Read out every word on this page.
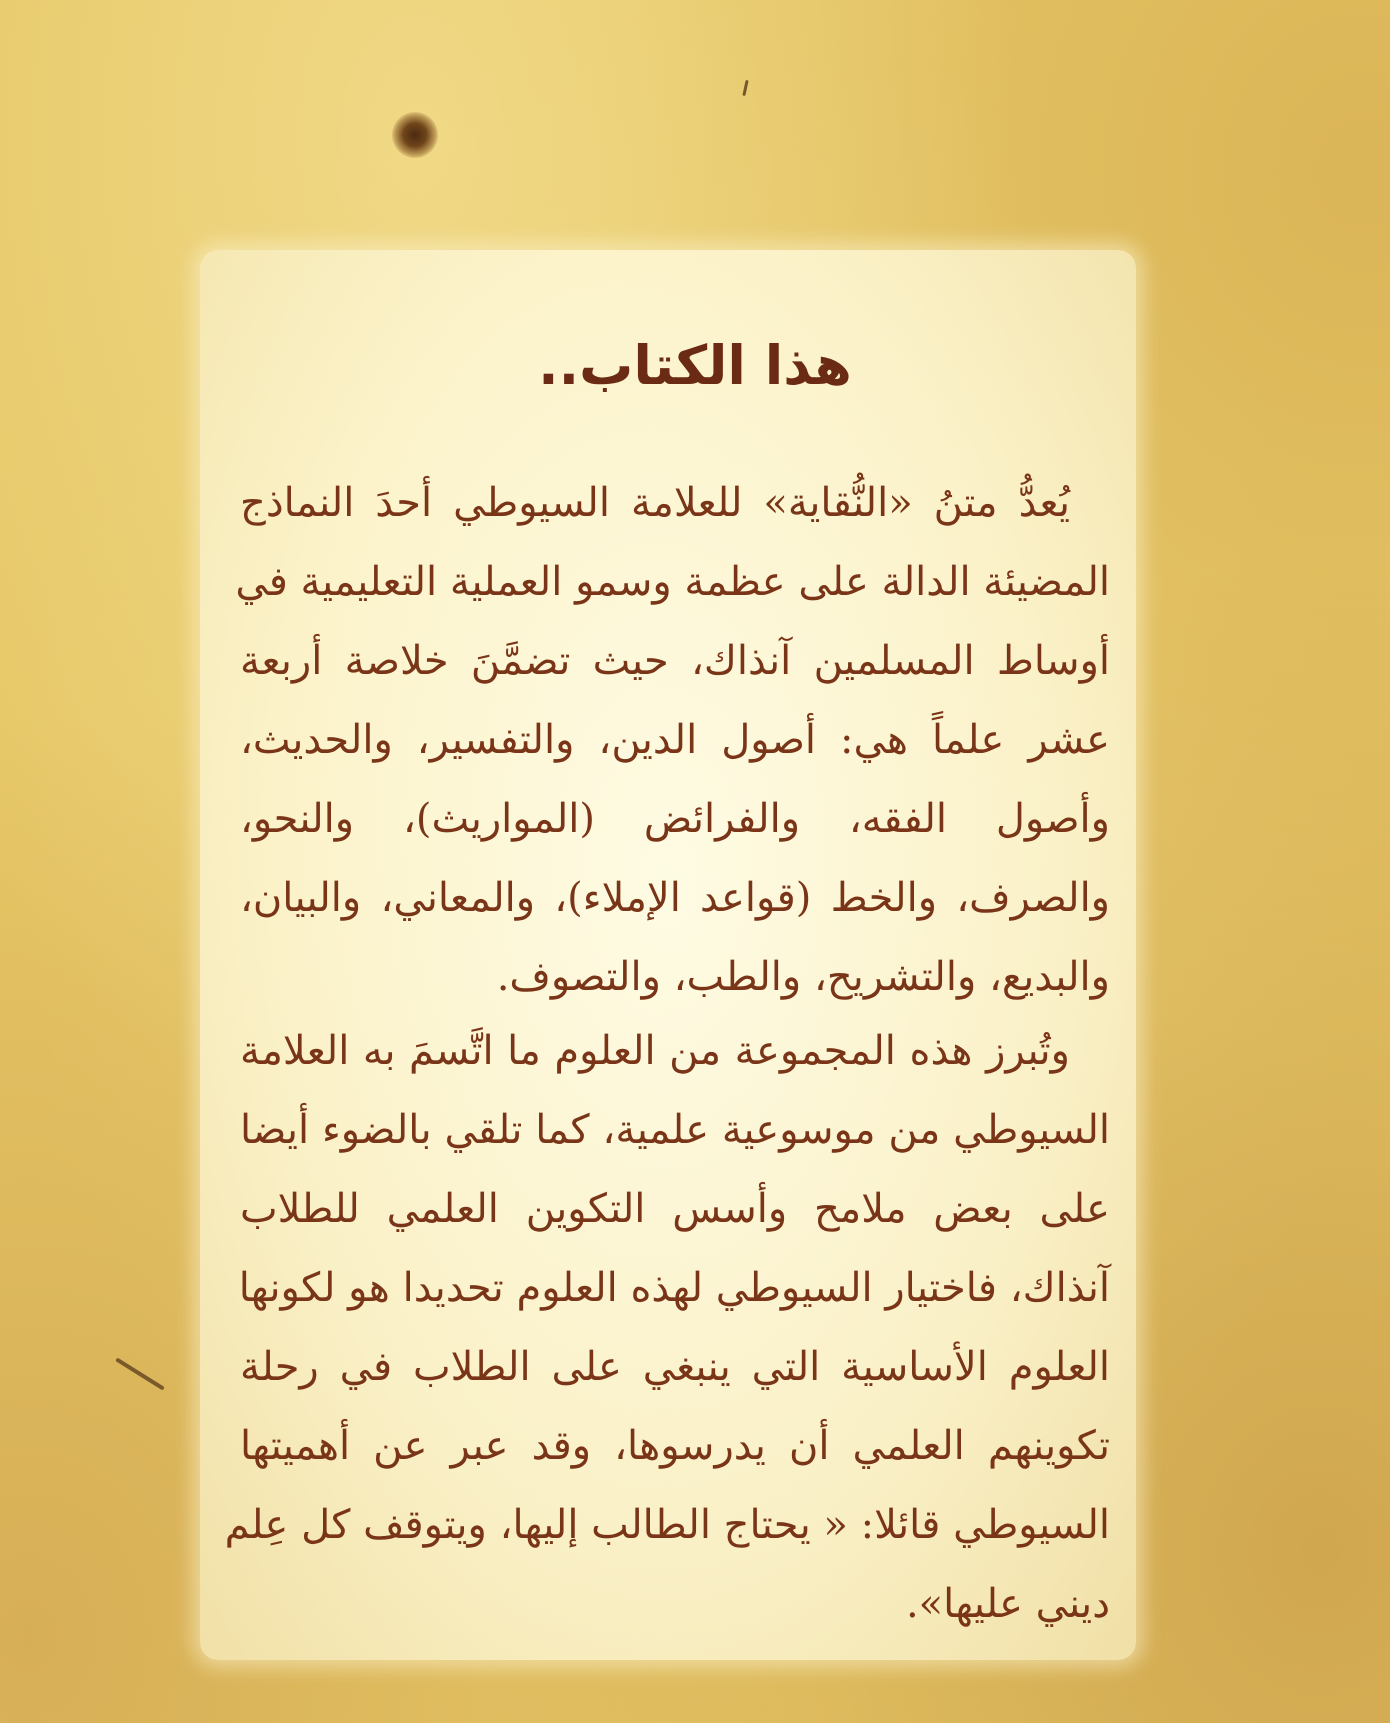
هذا الكتاب..
يُعدُّ متنُ «النُّقاية» للعلامة السيوطي أحدَ النماذج
المضيئة الدالة على عظمة وسمو العملية التعليمية في
أوساط المسلمين آنذاك، حيث تضمَّنَ خلاصة أربعة
عشر علماً هي: أصول الدين، والتفسير، والحديث،
وأصول الفقه، والفرائض (المواريث)، والنحو،
والصرف، والخط (قواعد الإملاء)، والمعاني، والبيان،
والبديع، والتشريح، والطب، والتصوف.
وتُبرز هذه المجموعة من العلوم ما اتَّسمَ به العلامة
السيوطي من موسوعية علمية، كما تلقي بالضوء أيضا
على بعض ملامح وأسس التكوين العلمي للطلاب
آنذاك، فاختيار السيوطي لهذه العلوم تحديدا هو لكونها
العلوم الأساسية التي ينبغي على الطلاب في رحلة
تكوينهم العلمي أن يدرسوها، وقد عبر عن أهميتها
السيوطي قائلا: « يحتاج الطالب إليها، ويتوقف كل عِلم
ديني عليها».
